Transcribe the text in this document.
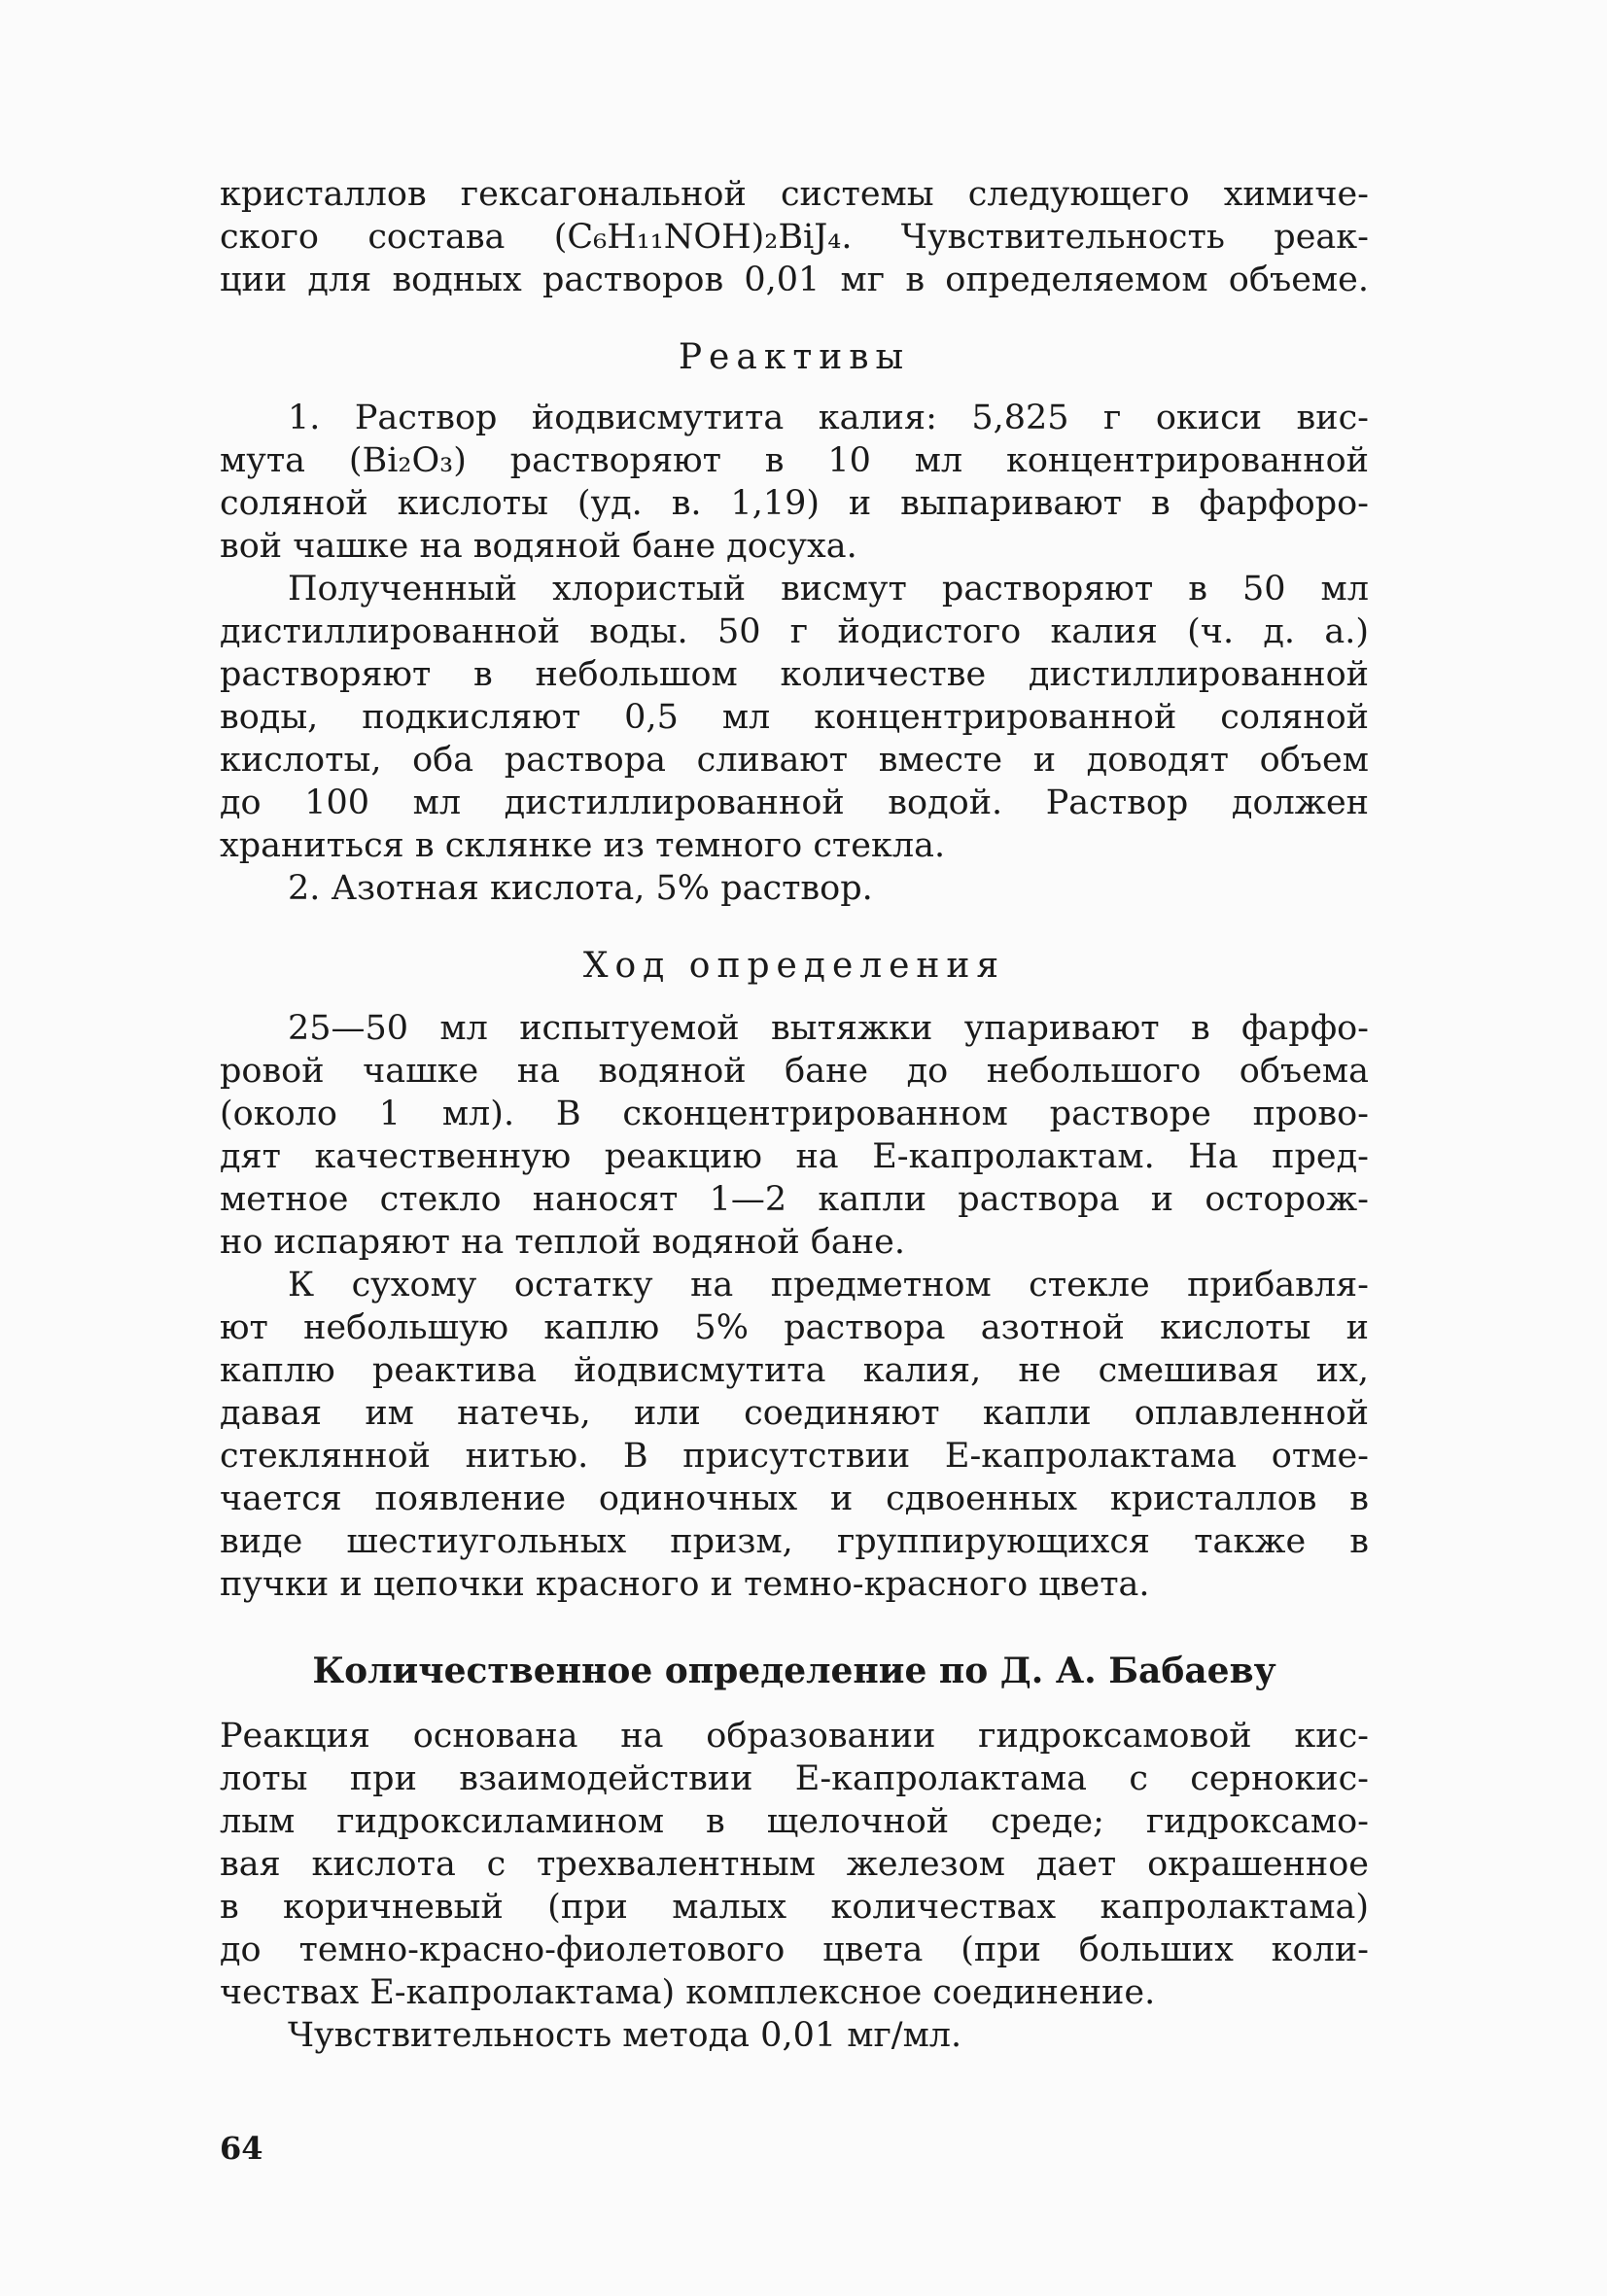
кристаллов гексагональной системы следующего химиче-
ского состава (C₆H₁₁NOH)₂BiJ₄. Чувствительность реак-
ции для водных растворов 0,01 мг в определяемом объеме.
Реактивы
1. Раствор йодвисмутита калия: 5,825 г окиси вис-
мута (Bi₂O₃) растворяют в 10 мл концентрированной
соляной кислоты (уд. в. 1,19) и выпаривают в фарфоро-
вой чашке на водяной бане досуха.
Полученный хлористый висмут растворяют в 50 мл
дистиллированной воды. 50 г йодистого калия (ч. д. а.)
растворяют в небольшом количестве дистиллированной
воды, подкисляют 0,5 мл концентрированной соляной
кислоты, оба раствора сливают вместе и доводят объем
до 100 мл дистиллированной водой. Раствор должен
храниться в склянке из темного стекла.
2. Азотная кислота, 5% раствор.
Ход определения
25—50 мл испытуемой вытяжки упаривают в фарфо-
ровой чашке на водяной бане до небольшого объема
(около 1 мл). В сконцентрированном растворе прово-
дят качественную реакцию на Е-капролактам. На пред-
метное стекло наносят 1—2 капли раствора и осторож-
но испаряют на теплой водяной бане.
К сухому остатку на предметном стекле прибавля-
ют небольшую каплю 5% раствора азотной кислоты и
каплю реактива йодвисмутита калия, не смешивая их,
давая им натечь, или соединяют капли оплавленной
стеклянной нитью. В присутствии Е-капролактама отме-
чается появление одиночных и сдвоенных кристаллов в
виде шестиугольных призм, группирующихся также в
пучки и цепочки красного и темно-красного цвета.
Количественное определение по Д. А. Бабаеву
Реакция основана на образовании гидроксамовой кис-
лоты при взаимодействии Е-капролактама с сернокис-
лым гидроксиламином в щелочной среде; гидроксамо-
вая кислота с трехвалентным железом дает окрашенное
в коричневый (при малых количествах капролактама)
до темно-красно-фиолетового цвета (при больших коли-
чествах Е-капролактама) комплексное соединение.
Чувствительность метода 0,01 мг/мл.
64
